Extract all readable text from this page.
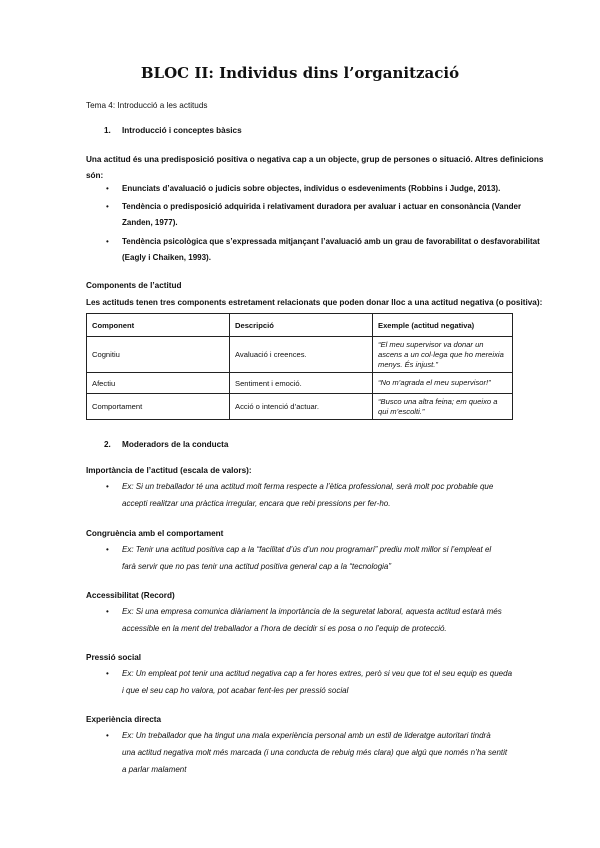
BLOC II: Individus dins l’organització
Tema 4: Introducció a les actituds
1. Introducció i conceptes bàsics
Una actitud és una predisposició positiva o negativa cap a un objecte, grup de persones o situació. Altres definicions
són:
• Enunciats d’avaluació o judicis sobre objectes, individus o esdeveniments (Robbins i Judge, 2013).
• Tendència o predisposició adquirida i relativament duradora per avaluar i actuar en consonància (Vander
Zanden, 1977).
• Tendència psicològica que s’expressada mitjançant l’avaluació amb un grau de favorabilitat o desfavorabilitat
(Eagly i Chaiken, 1993).
Components de l’actitud
Les actituds tenen tres components estretament relacionats que poden donar lloc a una actitud negativa (o positiva):
Component	Descripció	Exemple (actitud negativa)
Cognitiu	Avaluació i creences.	“El meu supervisor va donar un ascens a un col·lega que ho mereixia menys. És injust.”
Afectiu	Sentiment i emoció.	“No m’agrada el meu supervisor!”
Comportament	Acció o intenció d’actuar.	“Busco una altra feina; em queixo a qui m’escolti.”
2. Moderadors de la conducta
Importància de l’actitud (escala de valors):
• Ex: Si un treballador té una actitud molt ferma respecte a l’ètica professional, serà molt poc probable que
accepti realitzar una pràctica irregular, encara que rebi pressions per fer-ho.
Congruència amb el comportament
• Ex: Tenir una actitud positiva cap a la “facilitat d’ús d’un nou programari” prediu molt millor si l’empleat el
farà servir que no pas tenir una actitud positiva general cap a la “tecnologia”
Accessibilitat (Record)
• Ex: Si una empresa comunica diàriament la importància de la seguretat laboral, aquesta actitud estarà més
accessible en la ment del treballador a l’hora de decidir si es posa o no l’equip de protecció.
Pressió social
• Ex: Un empleat pot tenir una actitud negativa cap a fer hores extres, però si veu que tot el seu equip es queda
i que el seu cap ho valora, pot acabar fent-les per pressió social
Experiència directa
• Ex: Un treballador que ha tingut una mala experiència personal amb un estil de lideratge autoritari tindrà
una actitud negativa molt més marcada (i una conducta de rebuig més clara) que algú que només n’ha sentit
a parlar malament
